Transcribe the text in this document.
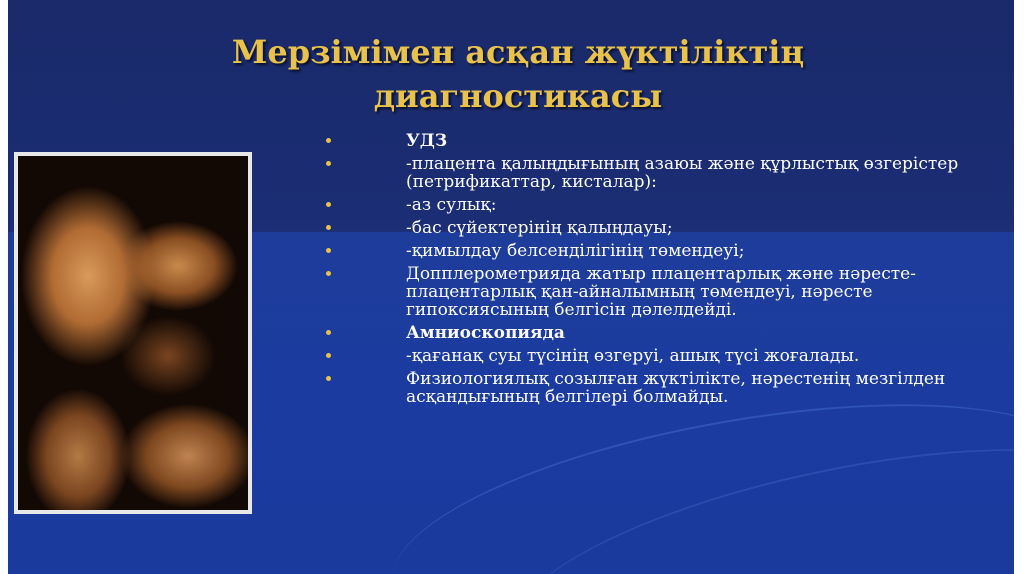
Мерзімімен асқан жүктіліктің
диагностикасы
УДЗ
-плацента қалыңдығының азаюы және құрлыстық өзгерістер (петрификаттар, кисталар):
-аз сулық:
-бас сүйектерінің қалыңдауы;
-қимылдау белсенділігінің төмендеуі;
Допплерометрияда жатыр плацентарлық және нәресте- плацентарлық қан-айналымның төмендеуі, нәресте гипоксиясының белгісін дәлелдейді.
Амниоскопияда
-қағанақ суы түсінің өзгеруі, ашық түсі жоғалады.
Физиологиялық созылған жүктілікте, нәрестенің мезгілден асқандығының белгілері болмайды.
